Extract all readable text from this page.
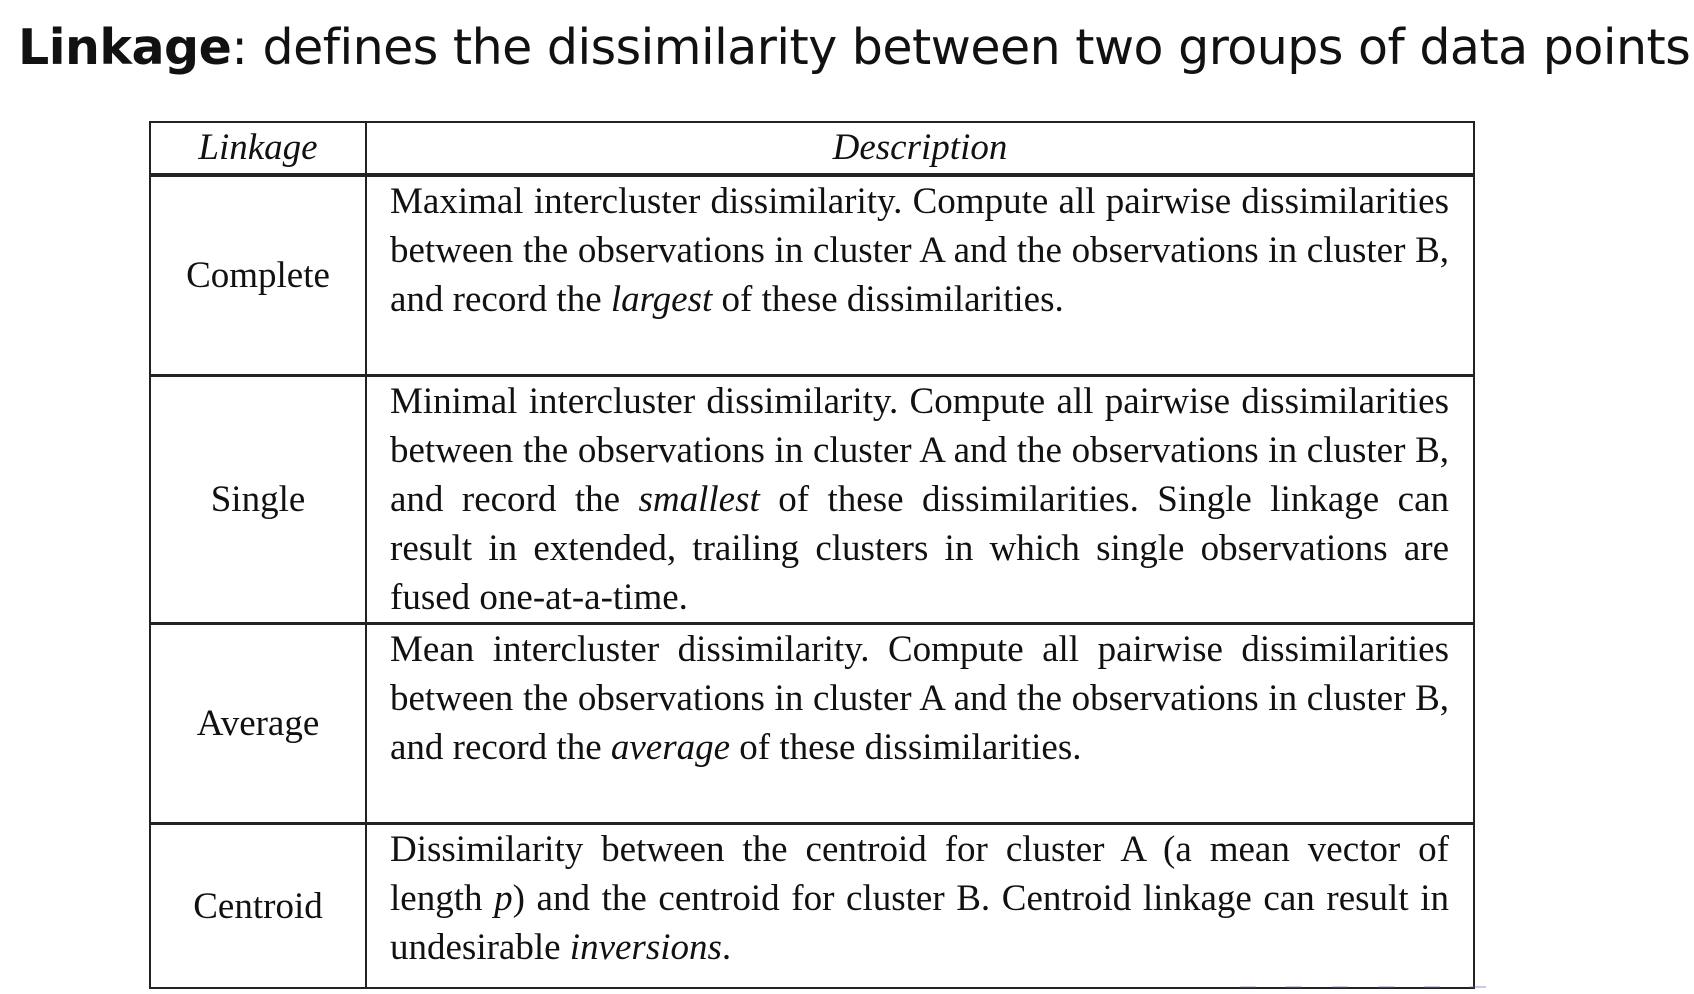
Linkage: defines the dissimilarity between two groups of data points
Linkage	Description
Complete	Maximal intercluster dissimilarity. Compute all pairwise dissimilarities between the observations in cluster A and the observations in cluster B, and record the largest of these dissimilarities.
Single	Minimal intercluster dissimilarity. Compute all pairwise dissimilarities between the observations in cluster A and the observations in cluster B, and record the smallest of these dissimilarities. Single linkage can result in extended, trailing clusters in which single observations are fused one-at-a-time.
Average	Mean intercluster dissimilarity. Compute all pairwise dissimilarities between the observations in cluster A and the observations in cluster B, and record the average of these dissimilarities.
Centroid	Dissimilarity between the centroid for cluster A (a mean vector of length p) and the centroid for cluster B. Centroid linkage can result in undesirable inversions.
